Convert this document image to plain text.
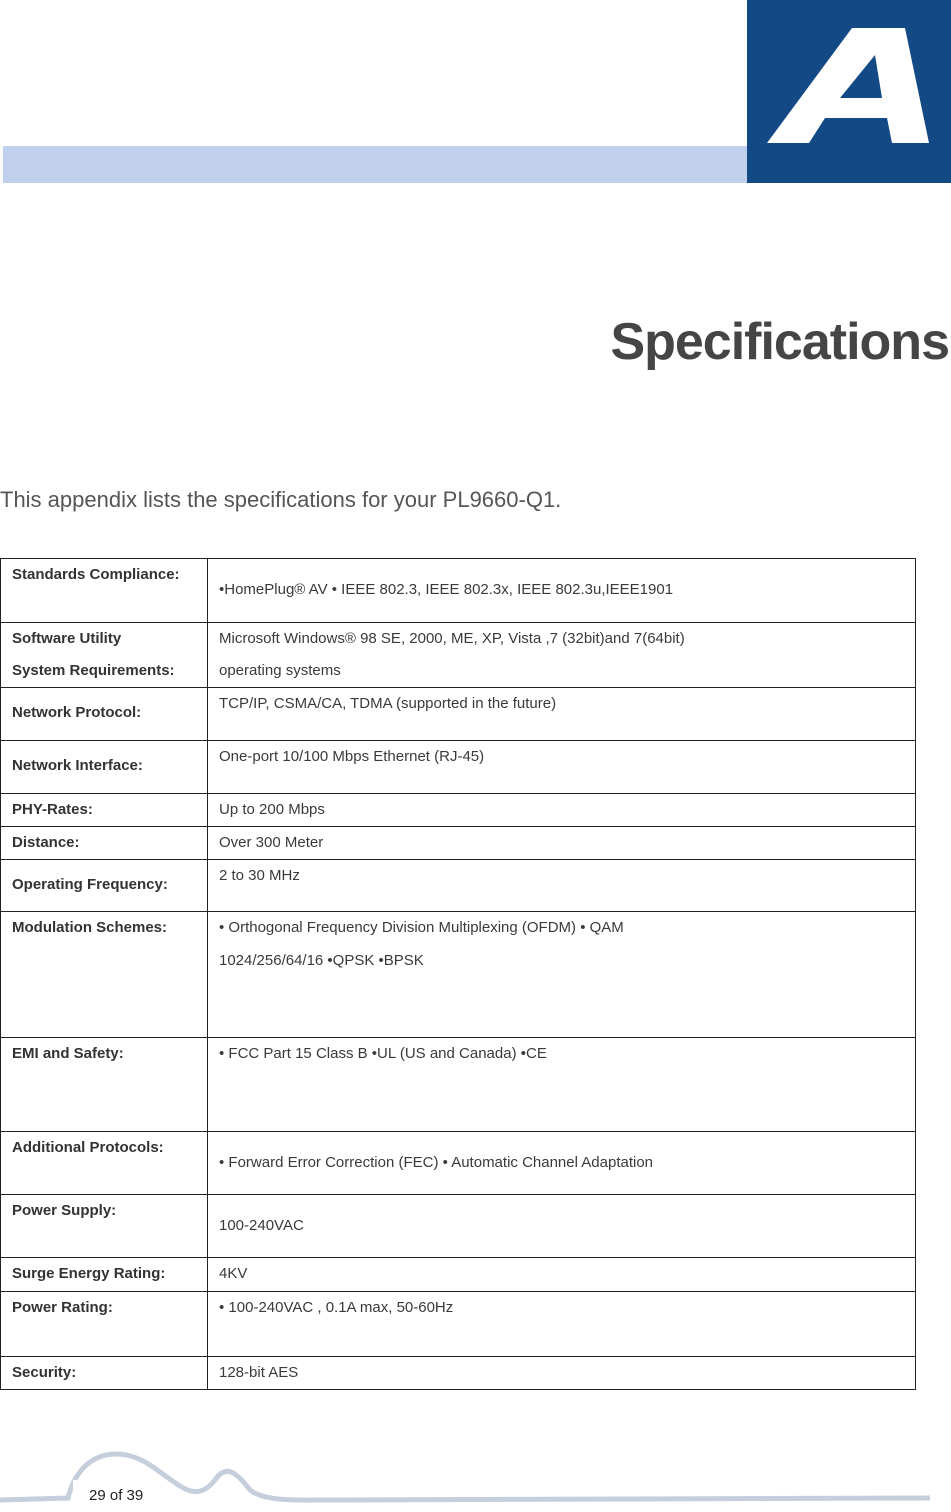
Specifications
This appendix lists the specifications for your PL9660-Q1.
Standards Compliance:	•HomePlug® AV • IEEE 802.3, IEEE 802.3x, IEEE 802.3u,IEEE1901

Software Utility
System Requirements:	Microsoft Windows® 98 SE, 2000, ME, XP, Vista ,7 (32bit)and 7(64bit)
operating systems

Network Protocol:	TCP/IP, CSMA/CA, TDMA (supported in the future)

Network Interface:	One-port 10/100 Mbps Ethernet (RJ-45)

PHY-Rates:	Up to 200 Mbps

Distance:	Over 300 Meter

Operating Frequency:	2 to 30 MHz

Modulation Schemes:	• Orthogonal Frequency Division Multiplexing (OFDM) • QAM
1024/256/64/16 •QPSK •BPSK

EMI and Safety:	• FCC Part 15 Class B •UL (US and Canada) •CE

Additional Protocols:	• Forward Error Correction (FEC) • Automatic Channel Adaptation

Power Supply:	100-240VAC

Surge Energy Rating:	4KV

Power Rating:	• 100-240VAC , 0.1A max, 50-60Hz

Security:	128-bit AES
29 of 39
